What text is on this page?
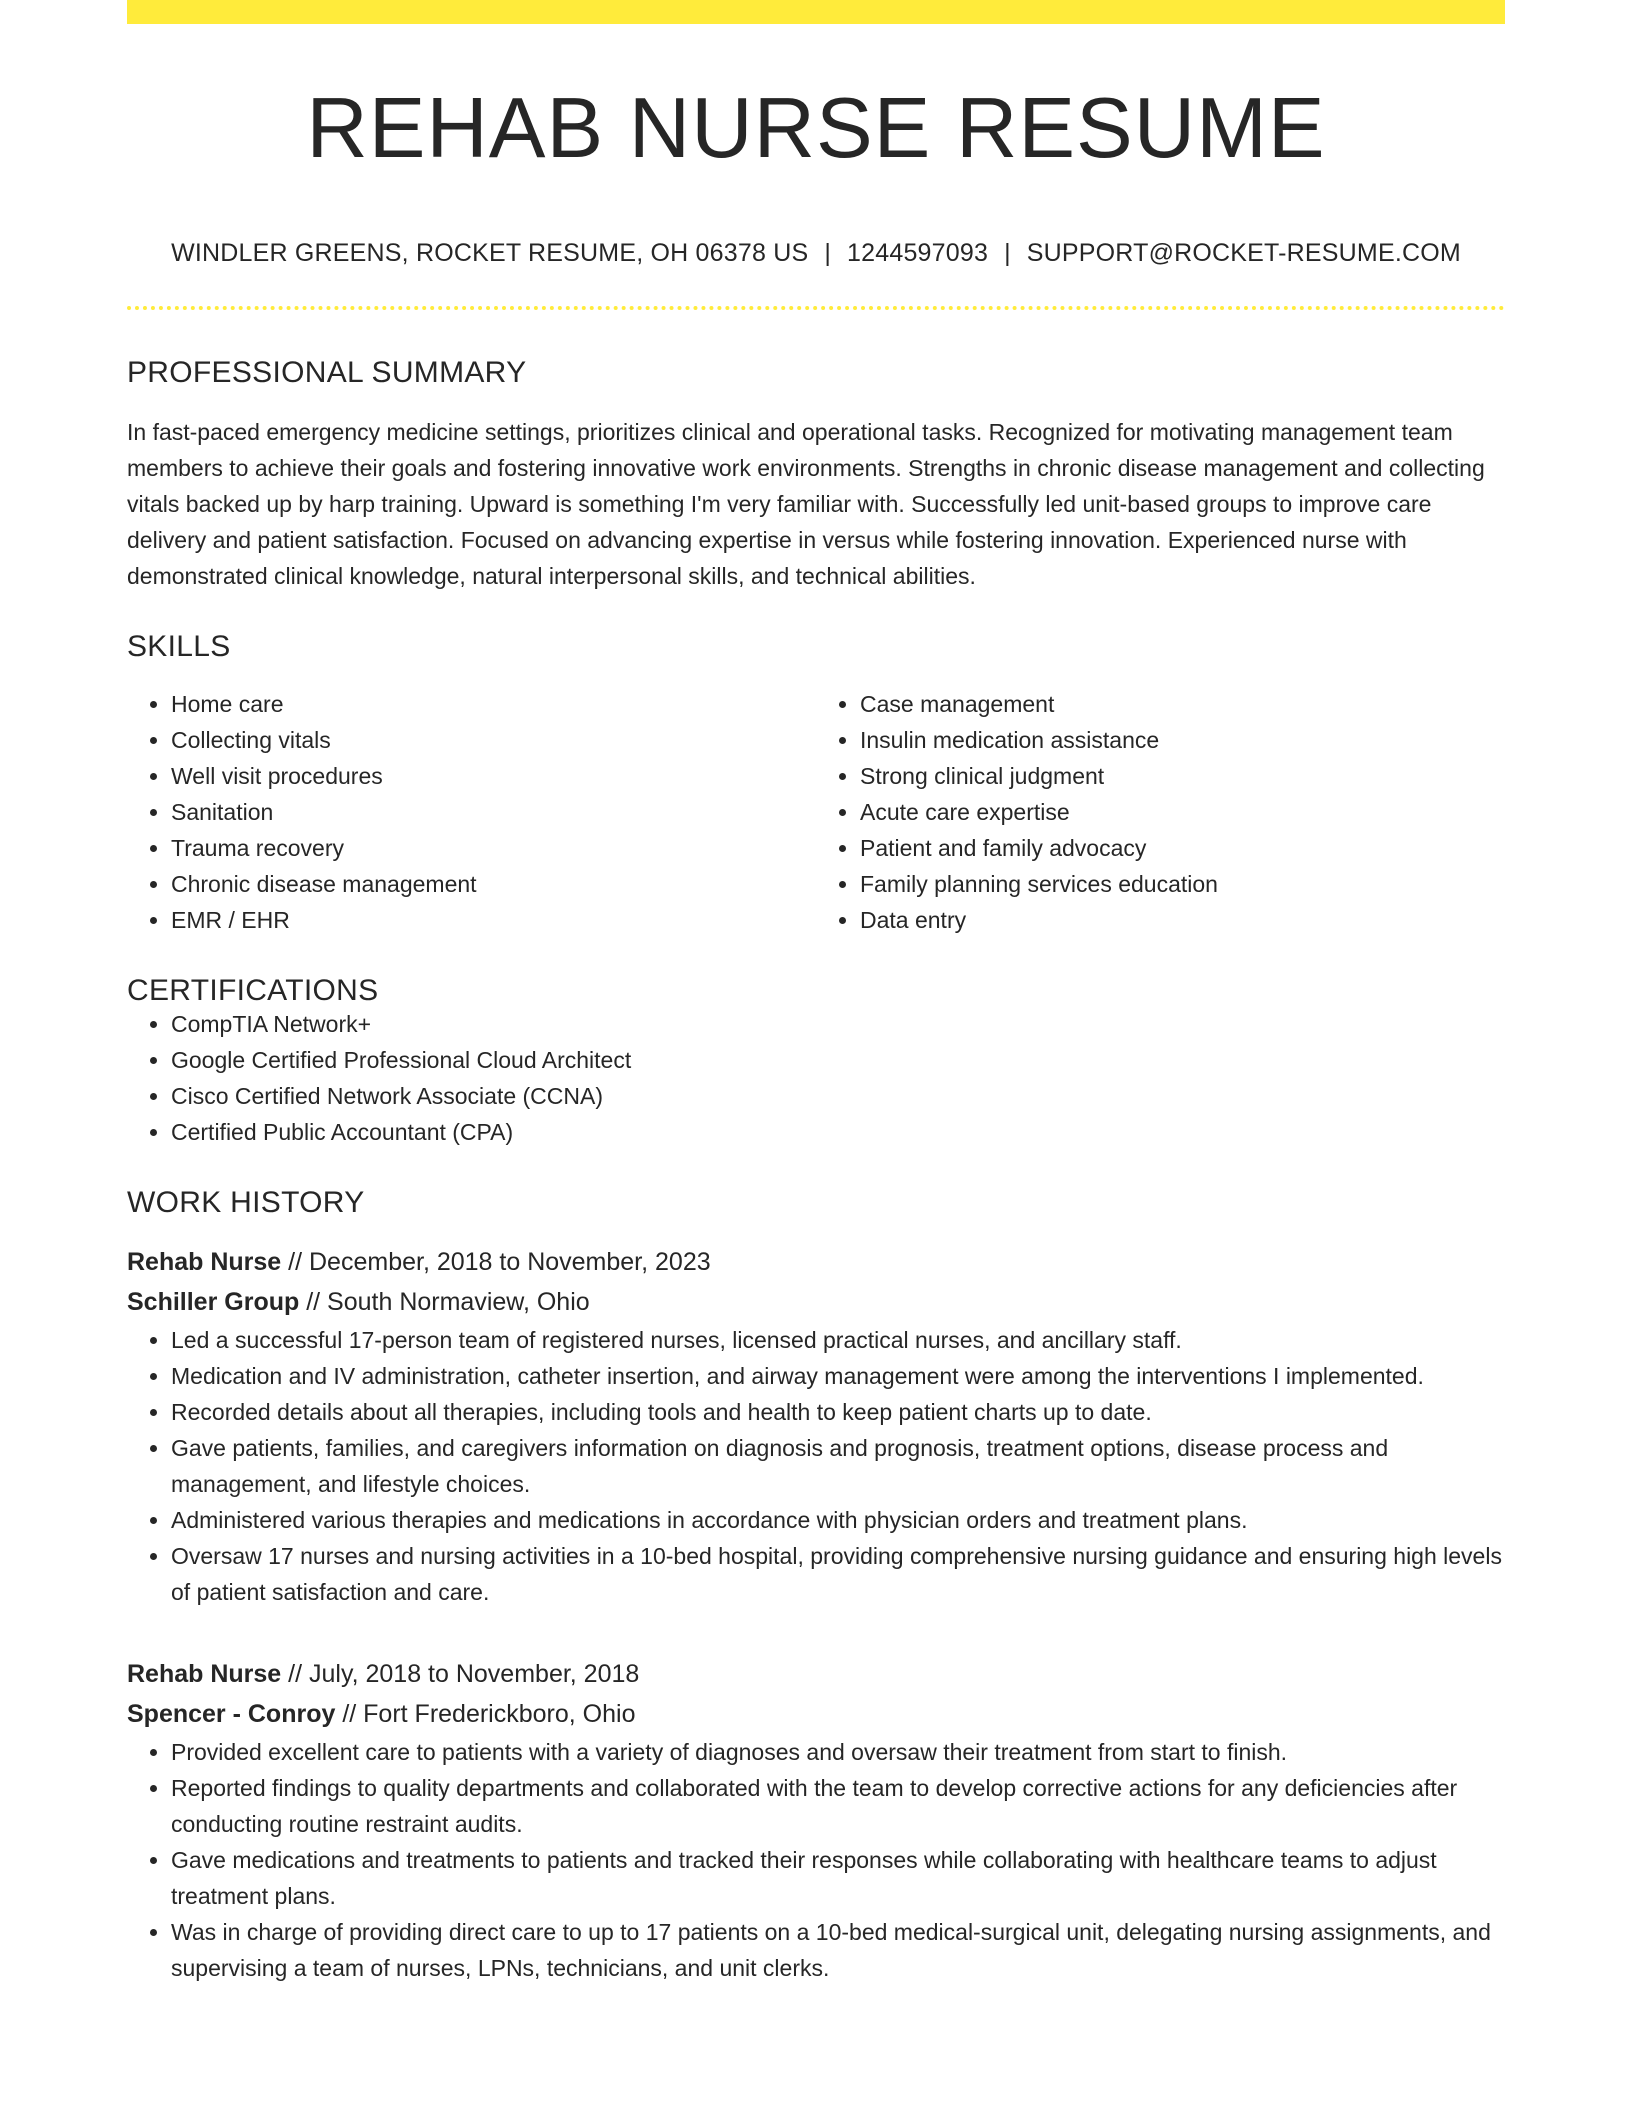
REHAB NURSE RESUME
WINDLER GREENS, ROCKET RESUME, OH 06378 US | 1244597093 | SUPPORT@ROCKET-RESUME.COM
PROFESSIONAL SUMMARY

In fast-paced emergency medicine settings, prioritizes clinical and operational tasks. Recognized for motivating management team members to achieve their goals and fostering innovative work environments. Strengths in chronic disease management and collecting vitals backed up by harp training. Upward is something I'm very familiar with. Successfully led unit-based groups to improve care delivery and patient satisfaction. Focused on advancing expertise in versus while fostering innovation. Experienced nurse with demonstrated clinical knowledge, natural interpersonal skills, and technical abilities.

SKILLS
• Home care
• Collecting vitals
• Well visit procedures
• Sanitation
• Trauma recovery
• Chronic disease management
• EMR / EHR
• Case management
• Insulin medication assistance
• Strong clinical judgment
• Acute care expertise
• Patient and family advocacy
• Family planning services education
• Data entry
CERTIFICATIONS
• CompTIA Network+
• Google Certified Professional Cloud Architect
• Cisco Certified Network Associate (CCNA)
• Certified Public Accountant (CPA)
WORK HISTORY
Rehab Nurse // December, 2018 to November, 2023
Schiller Group // South Normaview, Ohio
• Led a successful 17-person team of registered nurses, licensed practical nurses, and ancillary staff.
• Medication and IV administration, catheter insertion, and airway management were among the interventions I implemented.
• Recorded details about all therapies, including tools and health to keep patient charts up to date.
• Gave patients, families, and caregivers information on diagnosis and prognosis, treatment options, disease process and management, and lifestyle choices.
• Administered various therapies and medications in accordance with physician orders and treatment plans.
• Oversaw 17 nurses and nursing activities in a 10-bed hospital, providing comprehensive nursing guidance and ensuring high levels of patient satisfaction and care.
Rehab Nurse // July, 2018 to November, 2018
Spencer - Conroy // Fort Frederickboro, Ohio
• Provided excellent care to patients with a variety of diagnoses and oversaw their treatment from start to finish.
• Reported findings to quality departments and collaborated with the team to develop corrective actions for any deficiencies after conducting routine restraint audits.
• Gave medications and treatments to patients and tracked their responses while collaborating with healthcare teams to adjust treatment plans.
• Was in charge of providing direct care to up to 17 patients on a 10-bed medical-surgical unit, delegating nursing assignments, and supervising a team of nurses, LPNs, technicians, and unit clerks.
